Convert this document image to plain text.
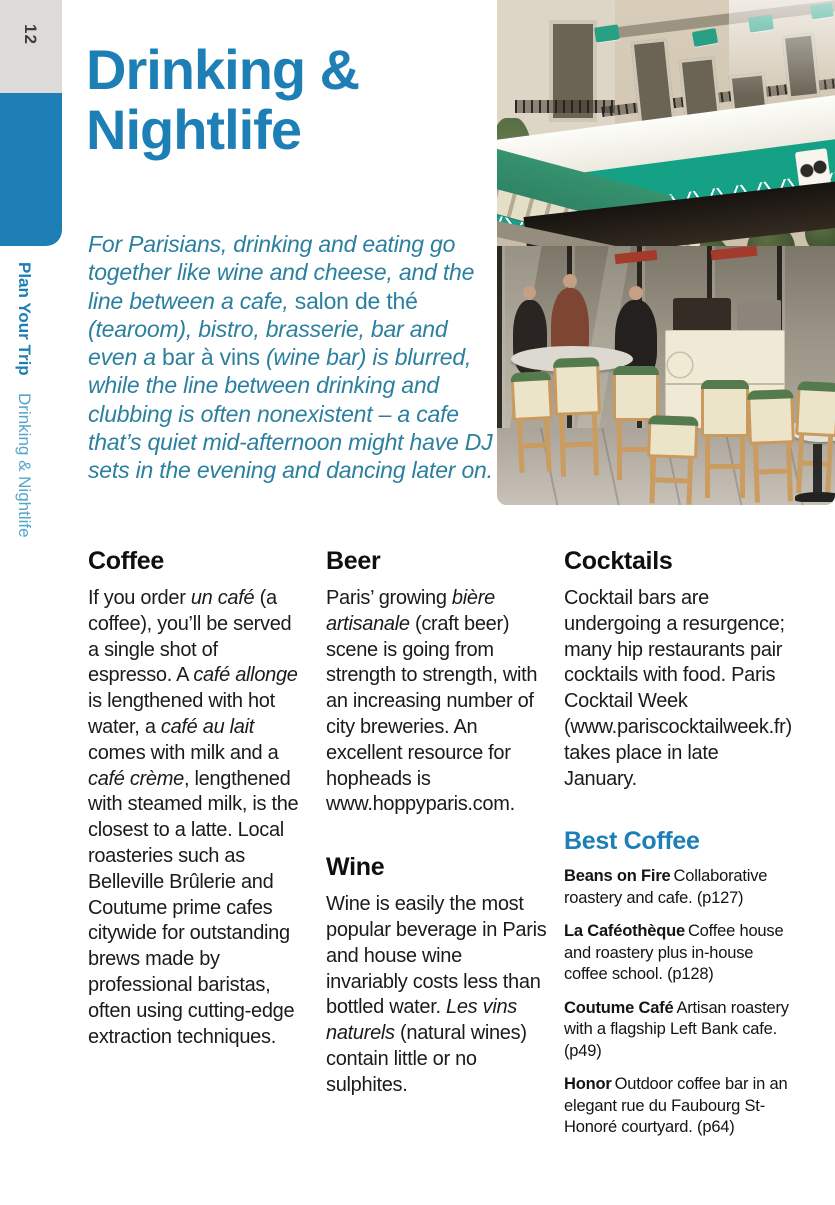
12
Plan Your Trip Drinking & Nightlife
Drinking &
Nightlife

For Parisians, drinking and eating go together like wine and cheese, and the line between a cafe, salon de thé (tearoom), bistro, brasserie, bar and even a bar à vins (wine bar) is blurred, while the line between drinking and clubbing is often nonexistent – a cafe that’s quiet mid-afternoon might have DJ sets in the evening and dancing later on.

Coffee

If you order un café (a coffee), you’ll be served a single shot of espresso. A café allonge is lengthened with hot water, a café au lait comes with milk and a café crème, lengthened with steamed milk, is the closest to a latte. Local roasteries such as Belleville Brûlerie and Coutume prime cafes citywide for outstanding brews made by professional baristas, often using cutting-edge extraction techniques.

Beer

Paris’ growing bière artisanale (craft beer) scene is going from strength to strength, with an increasing number of city breweries. An excellent resource for hopheads is www.hoppyparis.com.

Wine

Wine is easily the most popular beverage in Paris and house wine invariably costs less than bottled water. Les vins naturels (natural wines) contain little or no sulphites.

Cocktails

Cocktail bars are undergoing a resurgence; many hip restaurants pair cocktails with food. Paris Cocktail Week (www.pariscocktailweek.fr) takes place in late January.

Best Coffee

Beans on Fire Collaborative roastery and cafe. (p127)

La Caféothèque Coffee house and roastery plus in-house coffee school. (p128)

Coutume Café Artisan roastery with a flagship Left Bank cafe. (p49)

Honor Outdoor coffee bar in an elegant rue du Faubourg St-Honoré courtyard. (p64)
